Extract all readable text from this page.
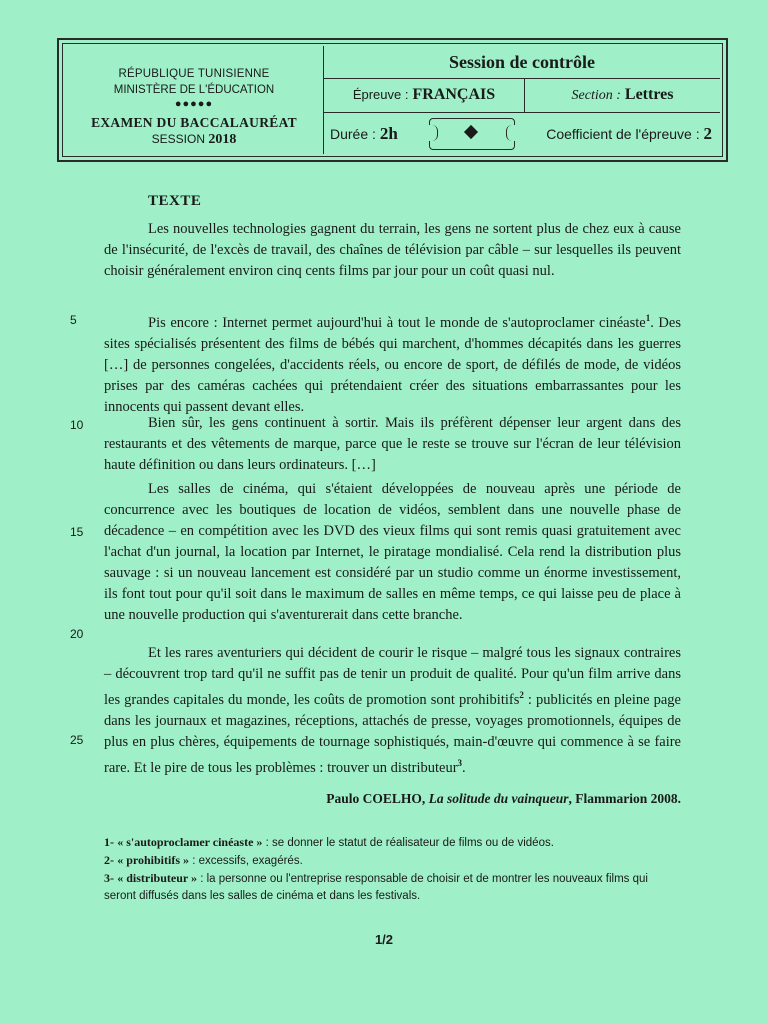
RÉPUBLIQUE TUNISIENNE
MINISTÈRE DE L'ÉDUCATION
●●●●●
EXAMEN DU BACCALAURÉAT
SESSION 2018
Session de contrôle
Épreuve : FRANÇAIS	Section : Lettres
Durée : 2h	Coefficient de l'épreuve : 2
TEXTE
Les nouvelles technologies gagnent du terrain, les gens ne sortent plus de chez eux à cause de l'insécurité, de l'excès de travail, des chaînes de télévision par câble – sur lesquelles ils peuvent choisir généralement environ cinq cents films par jour pour un coût quasi nul.
5	Pis encore : Internet permet aujourd'hui à tout le monde de s'autoproclamer cinéaste$^1$. Des sites spécialisés présentent des films de bébés qui marchent, d'hommes décapités dans les guerres […] de personnes congelées, d'accidents réels, ou encore de sport, de défilés de mode, de vidéos prises par des caméras cachées qui prétendaient créer des situations embarrassantes pour les innocents qui passent devant elles.
10	Bien sûr, les gens continuent à sortir. Mais ils préfèrent dépenser leur argent dans des restaurants et des vêtements de marque, parce que le reste se trouve sur l'écran de leur télévision haute définition ou dans leurs ordinateurs. […]
15
20
Les salles de cinéma, qui s'étaient développées de nouveau après une période de concurrence avec les boutiques de location de vidéos, semblent dans une nouvelle phase de décadence – en compétition avec les DVD des vieux films qui sont remis quasi gratuitement avec l'achat d'un journal, la location par Internet, le piratage mondialisé. Cela rend la distribution plus sauvage : si un nouveau lancement est considéré par un studio comme un énorme investissement, ils font tout pour qu'il soit dans le maximum de salles en même temps, ce qui laisse peu de place à une nouvelle production qui s'aventurerait dans cette branche.
25
Et les rares aventuriers qui décident de courir le risque – malgré tous les signaux contraires – découvrent trop tard qu'il ne suffit pas de tenir un produit de qualité. Pour qu'un film arrive dans les grandes capitales du monde, les coûts de promotion sont prohibitifs$^2$ : publicités en pleine page dans les journaux et magazines, réceptions, attachés de presse, voyages promotionnels, équipes de plus en plus chères, équipements de tournage sophistiqués, main-d'œuvre qui commence à se faire rare. Et le pire de tous les problèmes : trouver un distributeur$^3$.
Paulo COELHO, La solitude du vainqueur, Flammarion 2008.
1- « s'autoproclamer cinéaste » : se donner le statut de réalisateur de films ou de vidéos.
2- « prohibitifs » : excessifs, exagérés.
3- « distributeur » : la personne ou l'entreprise responsable de choisir et de montrer les nouveaux films qui seront diffusés dans les salles de cinéma et dans les festivals.
1/2
